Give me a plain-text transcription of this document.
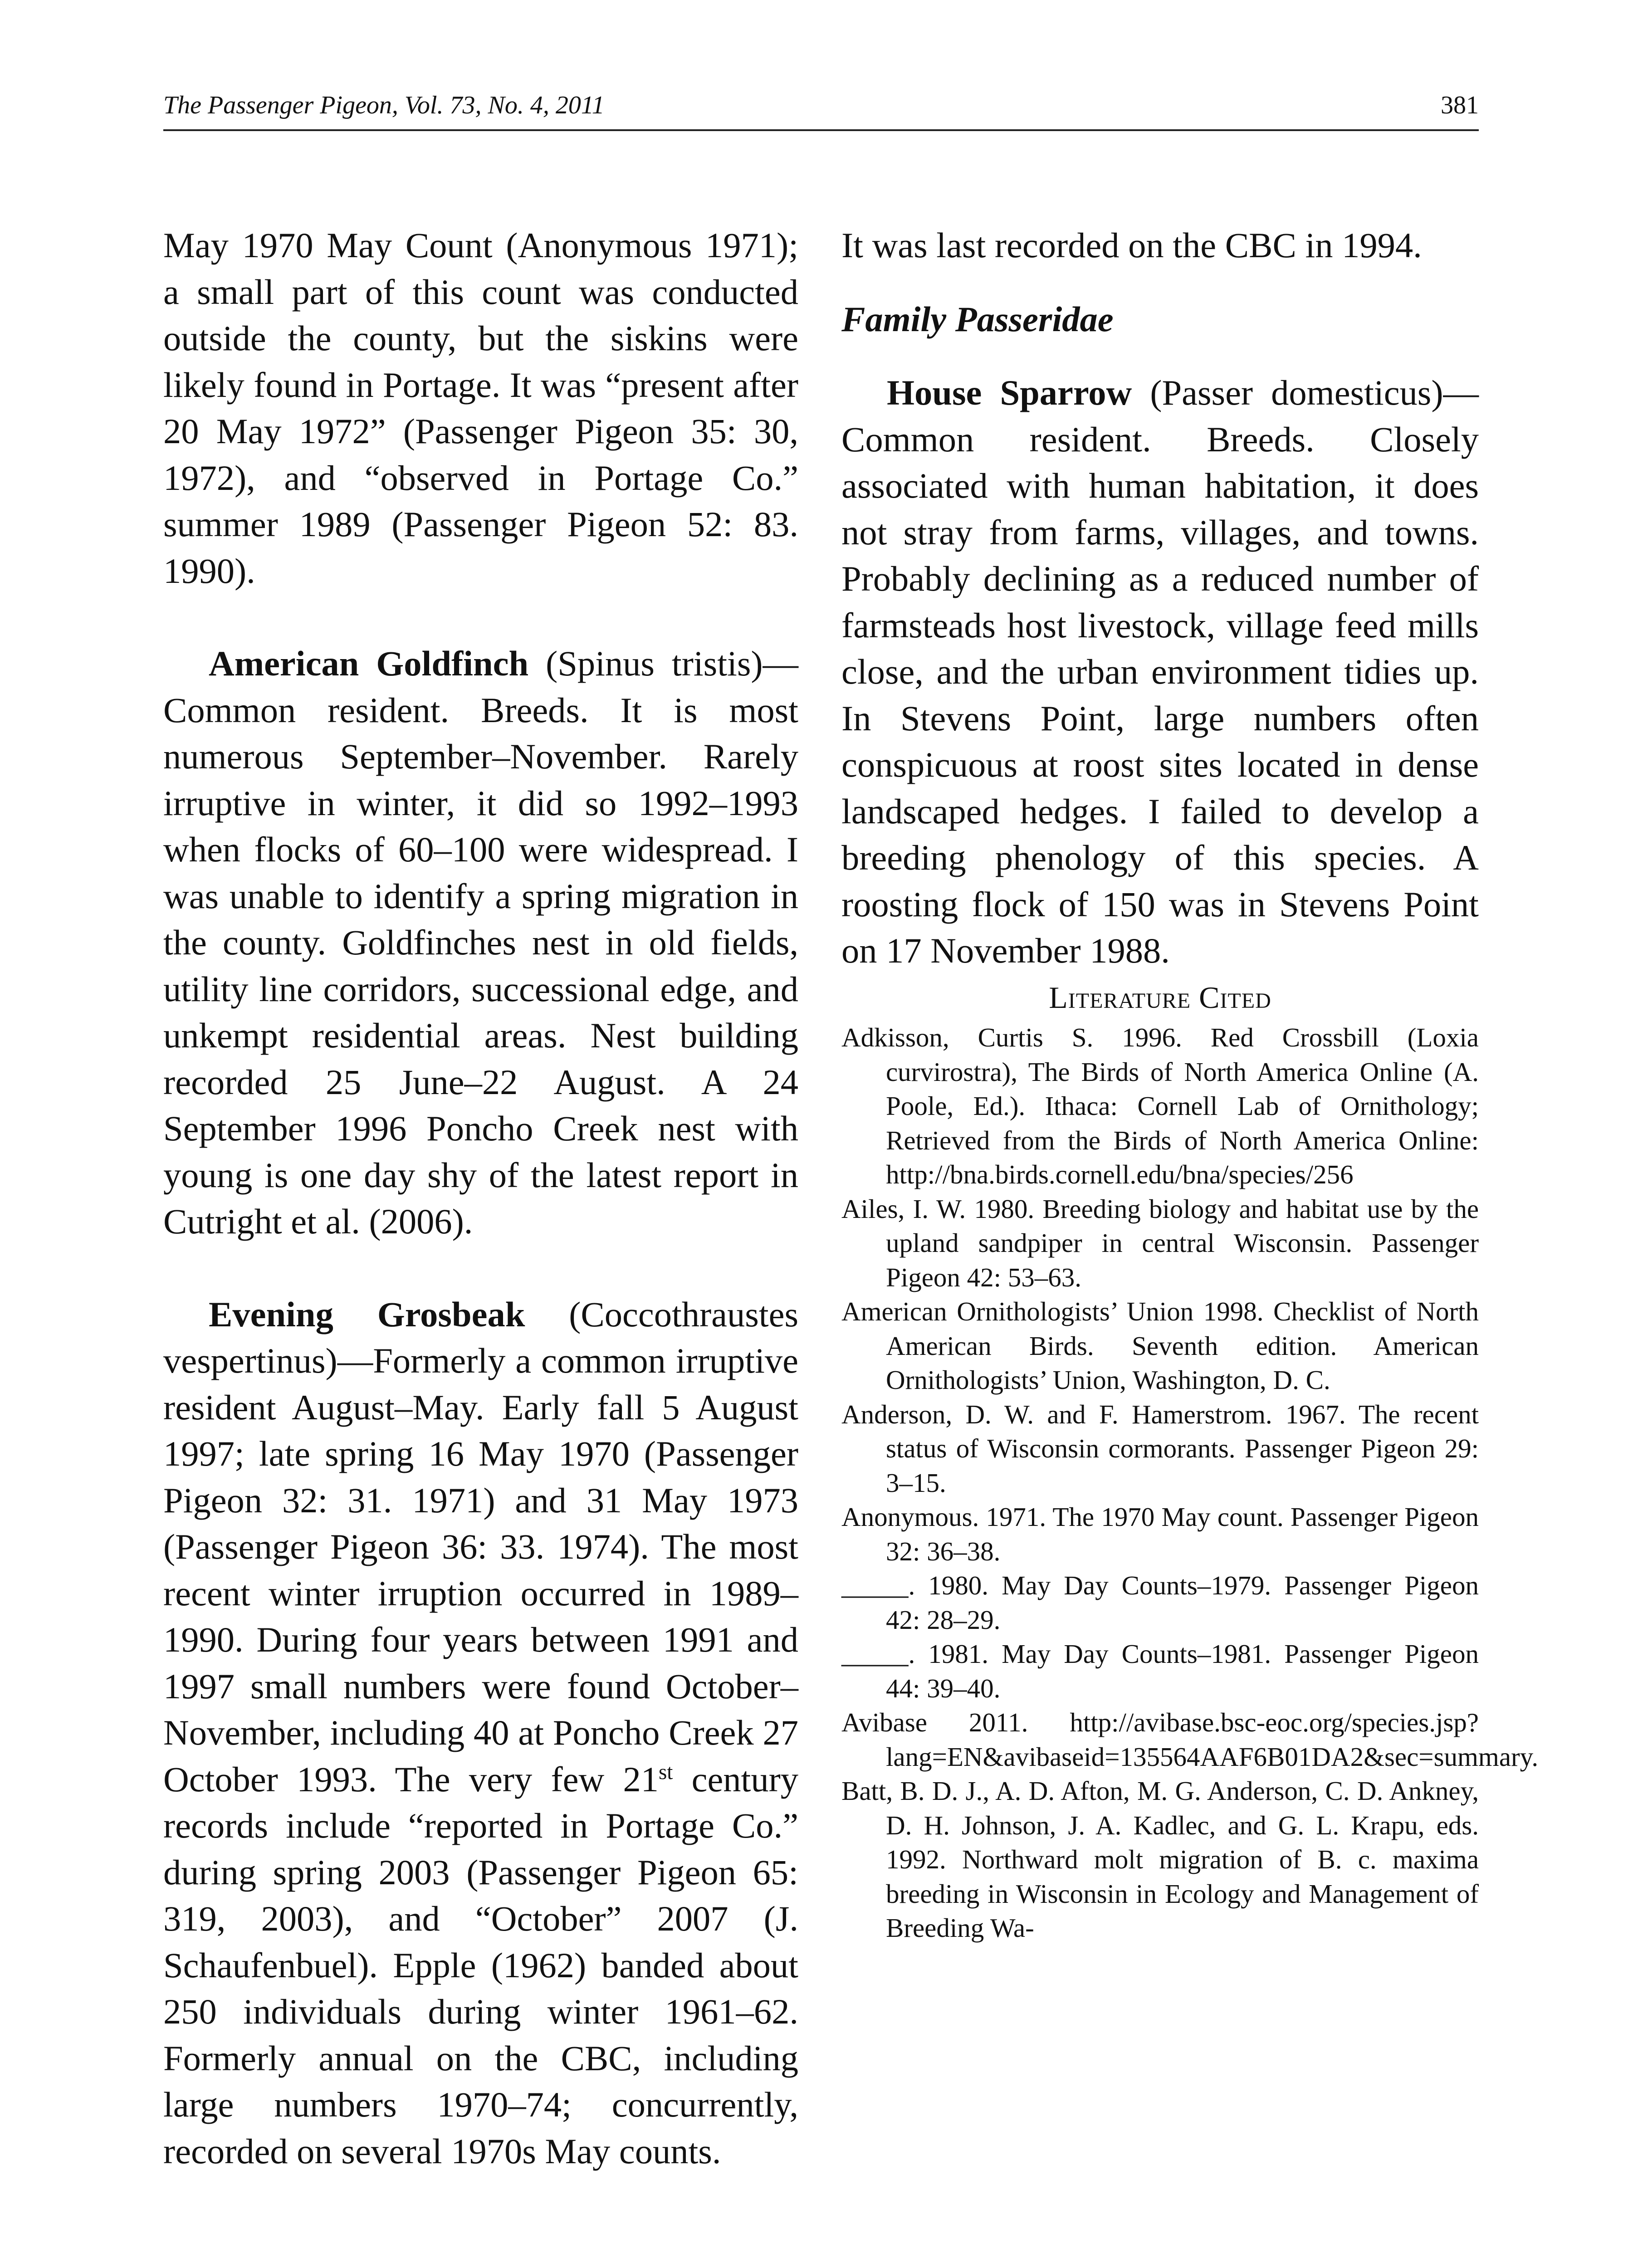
The Passenger Pigeon, Vol. 73, No. 4, 2011	381

May 1970 May Count (Anonymous 1971); a small part of this count was conducted outside the county, but the siskins were likely found in Portage. It was “present after 20 May 1972” (Passenger Pigeon 35: 30, 1972), and “observed in Portage Co.” summer 1989 (Passenger Pigeon 52: 83. 1990).

American Goldfinch (Spinus tristis)—Common resident. Breeds. It is most numerous September–November. Rarely irruptive in winter, it did so 1992–1993 when flocks of 60–100 were widespread. I was unable to identify a spring migration in the county. Goldfinches nest in old fields, utility line corridors, successional edge, and unkempt residential areas. Nest building recorded 25 June–22 August. A 24 September 1996 Poncho Creek nest with young is one day shy of the latest report in Cutright et al. (2006).

Evening Grosbeak (Coccothraustes vespertinus)—Formerly a common irruptive resident August–May. Early fall 5 August 1997; late spring 16 May 1970 (Passenger Pigeon 32: 31. 1971) and 31 May 1973 (Passenger Pigeon 36: 33. 1974). The most recent winter irruption occurred in 1989–1990. During four years between 1991 and 1997 small numbers were found October–November, including 40 at Poncho Creek 27 October 1993. The very few 21st century records include “reported in Portage Co.” during spring 2003 (Passenger Pigeon 65: 319, 2003), and “October” 2007 (J. Schaufenbuel). Epple (1962) banded about 250 individuals during winter 1961–62. Formerly annual on the CBC, including large numbers 1970–74; concurrently, recorded on several 1970s May counts.

It was last recorded on the CBC in 1994.

Family Passeridae

House Sparrow (Passer domesticus)—Common resident. Breeds. Closely associated with human habitation, it does not stray from farms, villages, and towns. Probably declining as a reduced number of farmsteads host livestock, village feed mills close, and the urban environment tidies up. In Stevens Point, large numbers often conspicuous at roost sites located in dense landscaped hedges. I failed to develop a breeding phenology of this species. A roosting flock of 150 was in Stevens Point on 17 November 1988.

Literature Cited

Adkisson, Curtis S. 1996. Red Crossbill (Loxia curvirostra), The Birds of North America Online (A. Poole, Ed.). Ithaca: Cornell Lab of Ornithology; Retrieved from the Birds of North America Online: http://bna.birds.cornell.edu/bna/species/256

Ailes, I. W. 1980. Breeding biology and habitat use by the upland sandpiper in central Wisconsin. Passenger Pigeon 42: 53–63.

American Ornithologists’ Union 1998. Checklist of North American Birds. Seventh edition. American Ornithologists’ Union, Washington, D. C.

Anderson, D. W. and F. Hamerstrom. 1967. The recent status of Wisconsin cormorants. Passenger Pigeon 29: 3–15.

Anonymous. 1971. The 1970 May count. Passenger Pigeon 32: 36–38.

_____. 1980. May Day Counts–1979. Passenger Pigeon 42: 28–29.

_____. 1981. May Day Counts–1981. Passenger Pigeon 44: 39–40.

Avibase 2011. http://avibase.bsc-eoc.org/species.jsp?lang=EN&avibaseid=135564AAF6B01DA2&sec=summary.

Batt, B. D. J., A. D. Afton, M. G. Anderson, C. D. Ankney, D. H. Johnson, J. A. Kadlec, and G. L. Krapu, eds. 1992. Northward molt migration of B. c. maxima breeding in Wisconsin in Ecology and Management of Breeding Wa-
